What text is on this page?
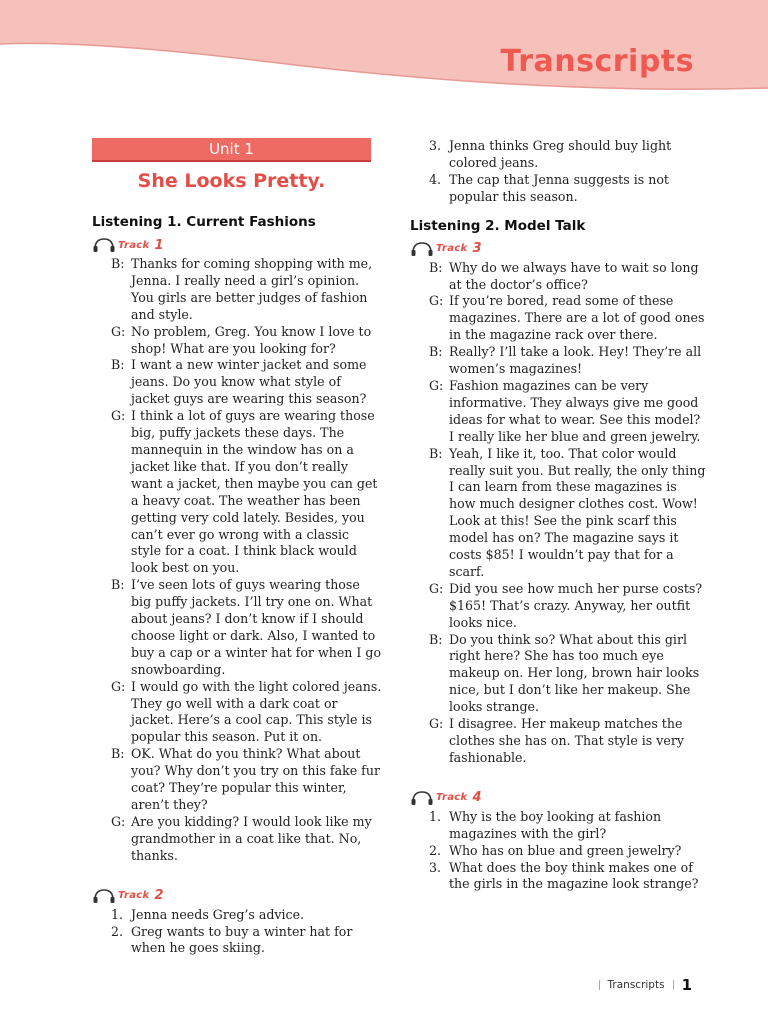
Transcripts
Unit 1
She Looks Pretty.
Listening 1. Current Fashions
Track 1
B: Thanks for coming shopping with me, Jenna. I really need a girl’s opinion. You girls are better judges of fashion and style.
G: No problem, Greg. You know I love to shop! What are you looking for?
B: I want a new winter jacket and some jeans. Do you know what style of jacket guys are wearing this season?
G: I think a lot of guys are wearing those big, puffy jackets these days. The mannequin in the window has on a jacket like that. If you don’t really want a jacket, then maybe you can get a heavy coat. The weather has been getting very cold lately. Besides, you can’t ever go wrong with a classic style for a coat. I think black would look best on you.
B: I’ve seen lots of guys wearing those big puffy jackets. I’ll try one on. What about jeans? I don’t know if I should choose light or dark. Also, I wanted to buy a cap or a winter hat for when I go snowboarding.
G: I would go with the light colored jeans. They go well with a dark coat or jacket. Here’s a cool cap. This style is popular this season. Put it on.
B: OK. What do you think? What about you? Why don’t you try on this fake fur coat? They’re popular this winter, aren’t they?
G: Are you kidding? I would look like my grandmother in a coat like that. No, thanks.
Track 2
1. Jenna needs Greg’s advice.
2. Greg wants to buy a winter hat for when he goes skiing.
3. Jenna thinks Greg should buy light colored jeans.
4. The cap that Jenna suggests is not popular this season.
Listening 2. Model Talk
Track 3
B: Why do we always have to wait so long at the doctor’s office?
G: If you’re bored, read some of these magazines. There are a lot of good ones in the magazine rack over there.
B: Really? I’ll take a look. Hey! They’re all women’s magazines!
G: Fashion magazines can be very informative. They always give me good ideas for what to wear. See this model? I really like her blue and green jewelry.
B: Yeah, I like it, too. That color would really suit you. But really, the only thing I can learn from these magazines is how much designer clothes cost. Wow! Look at this! See the pink scarf this model has on? The magazine says it costs $85! I wouldn’t pay that for a scarf.
G: Did you see how much her purse costs? $165! That’s crazy. Anyway, her outfit looks nice.
B: Do you think so? What about this girl right here? She has too much eye makeup on. Her long, brown hair looks nice, but I don’t like her makeup. She looks strange.
G: I disagree. Her makeup matches the clothes she has on. That style is very fashionable.
Track 4
1. Why is the boy looking at fashion magazines with the girl?
2. Who has on blue and green jewelry?
3. What does the boy think makes one of the girls in the magazine look strange?
Transcripts 1
